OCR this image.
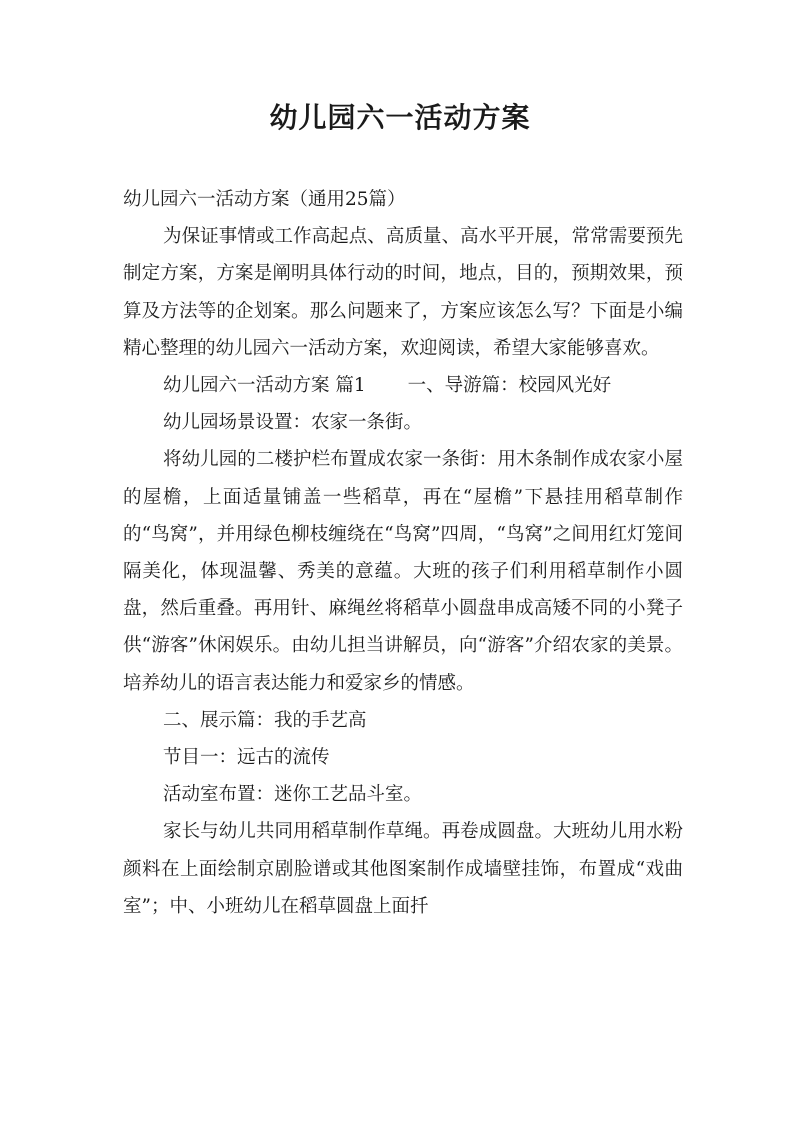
幼儿园六一活动方案

幼儿园六一活动方案（通用25篇）

为保证事情或工作高起点、高质量、高水平开展，常常需要预先制定方案，方案是阐明具体行动的时间，地点，目的，预期效果，预算及方法等的企划案。那么问题来了，方案应该怎么写？下面是小编精心整理的幼儿园六一活动方案，欢迎阅读，希望大家能够喜欢。

幼儿园六一活动方案 篇1 一、导游篇：校园风光好

幼儿园场景设置：农家一条街。

将幼儿园的二楼护栏布置成农家一条街：用木条制作成农家小屋的屋檐，上面适量铺盖一些稻草，再在“屋檐”下悬挂用稻草制作的“鸟窝”，并用绿色柳枝缠绕在“鸟窝”四周，“鸟窝”之间用红灯笼间隔美化，体现温馨、秀美的意蕴。大班的孩子们利用稻草制作小圆盘，然后重叠。再用针、麻绳丝将稻草小圆盘串成高矮不同的小凳子供“游客”休闲娱乐。由幼儿担当讲解员，向“游客”介绍农家的美景。培养幼儿的语言表达能力和爱家乡的情感。

二、展示篇：我的手艺高

节目一：远古的流传

活动室布置：迷你工艺品斗室。

家长与幼儿共同用稻草制作草绳。再卷成圆盘。大班幼儿用水粉颜料在上面绘制京剧脸谱或其他图案制作成墙壁挂饰，布置成“戏曲室”；中、小班幼儿在稻草圆盘上面扦
